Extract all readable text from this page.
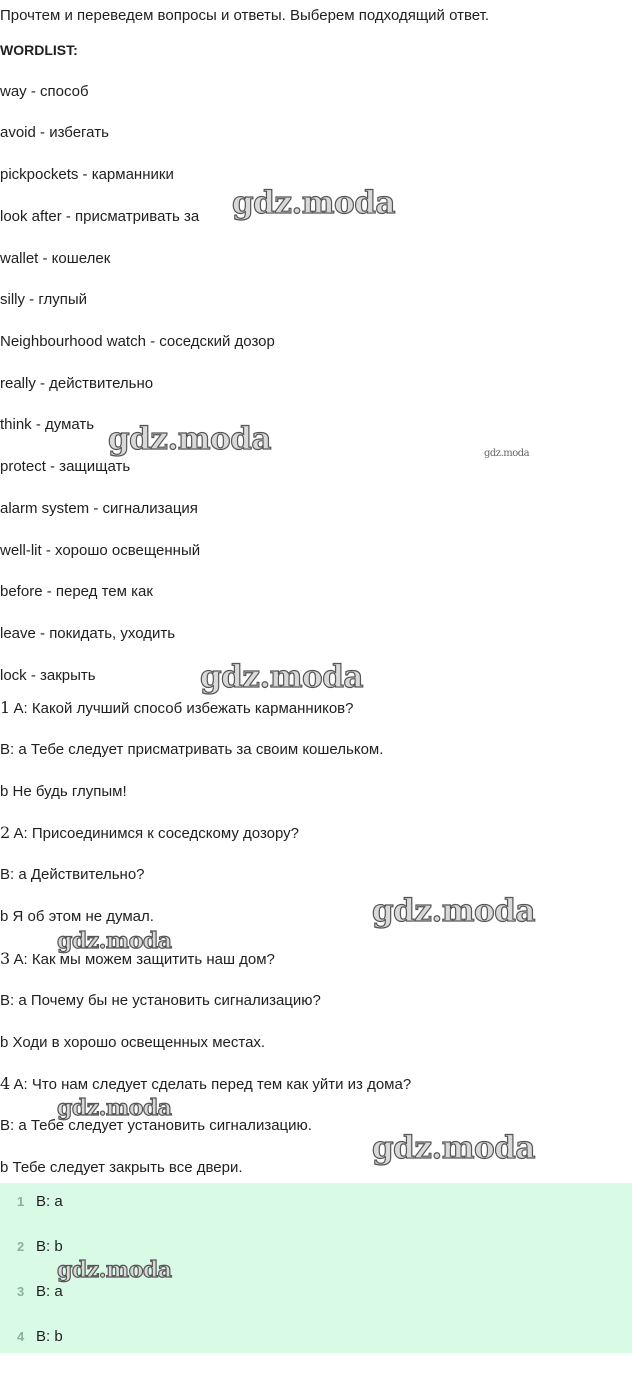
Прочтем и переведем вопросы и ответы. Выберем подходящий ответ.
WORDLIST:
way - способ
avoid - избегать
pickpockets - карманники
look after - присматривать за
wallet - кошелек
silly - глупый
Neighbourhood watch - соседский дозор
really - действительно
think - думать
protect - защищать
alarm system - сигнализация
well-lit - хорошо освещенный
before - перед тем как
leave - покидать, уходить
lock - закрыть
1 A: Какой лучший способ избежать карманников?
B: a Тебе следует присматривать за своим кошельком.
b Не будь глупым!
2 A: Присоединимся к соседскому дозору?
B: a Действительно?
b Я об этом не думал.
3 A: Как мы можем защитить наш дом?
B: a Почему бы не установить сигнализацию?
b Ходи в хорошо освещенных местах.
4 A: Что нам следует сделать перед тем как уйти из дома?
B: a Тебе следует установить сигнализацию.
b Тебе следует закрыть все двери.
1 B: a
2 B: b
3 B: a
4 B: b
gdz.moda
gdz.moda	gdz.moda
gdz.moda
gdz.moda
gdz.moda
gdz.moda
gdz.moda
gdz.moda
